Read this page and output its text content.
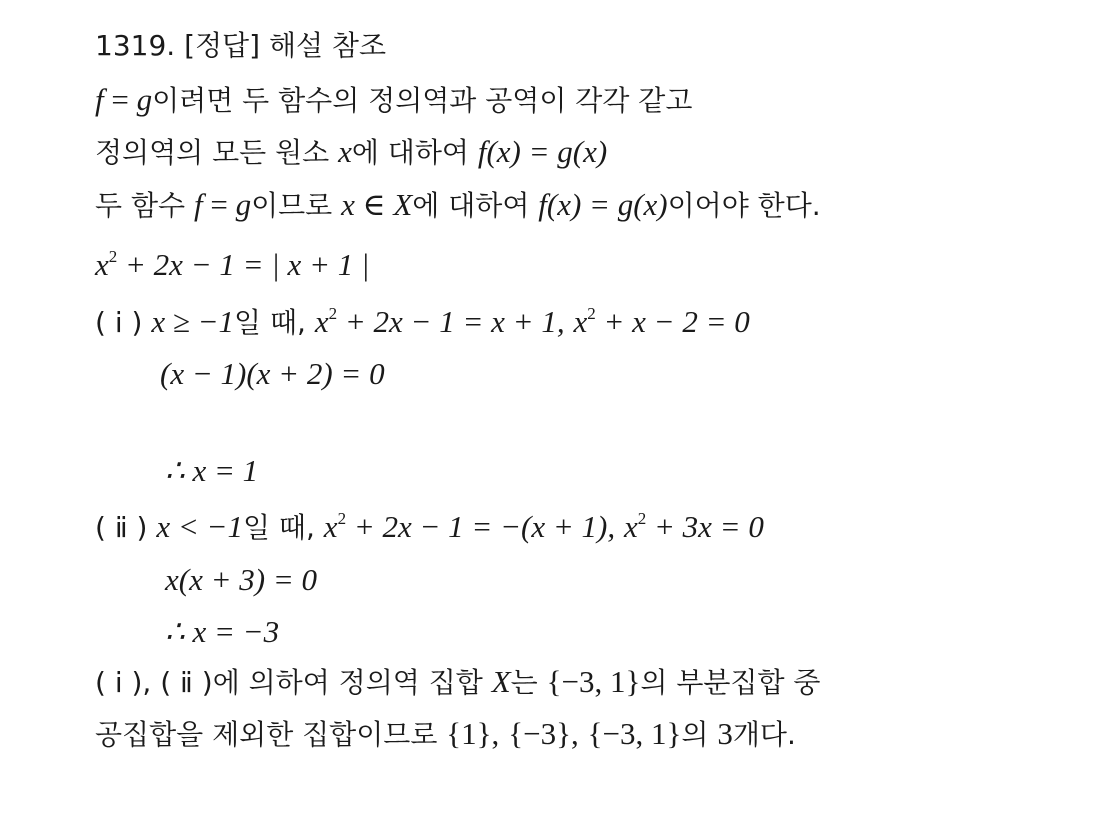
1319. [정답] 해설 참조
f = g이려면 두 함수의 정의역과 공역이 각각 같고
정의역의 모든 원소 x에 대하여 f(x) = g(x)
두 함수 f = g이므로 x ∈ X에 대하여 f(x) = g(x)이어야 한다.
$x^2 + 2x - 1$ = | x + 1 |
( ⅰ ) x ≥ −1일 때, $x^2 + 2x - 1 = x + 1$, $x^2 + x - 2 = 0$
(x − 1)(x + 2) = 0
∴ x = 1
( ⅱ ) x < −1일 때, $x^2 + 2x - 1 = -(x + 1)$, $x^2 + 3x = 0$
x(x + 3) = 0
∴ x = −3
( ⅰ ), ( ⅱ )에 의하여 정의역 집합 X는 {−3, 1}의 부분집합 중
공집합을 제외한 집합이므로 {1}, {−3}, {−3, 1}의 3개다.
